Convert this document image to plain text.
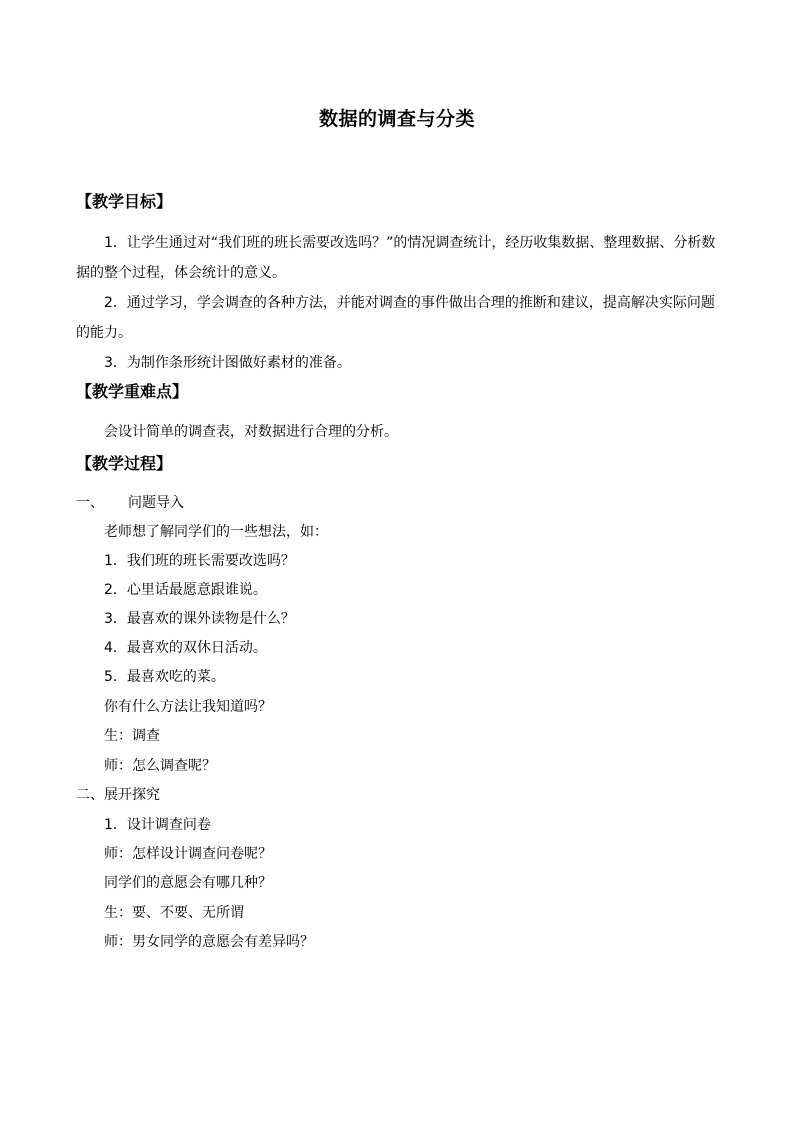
数据的调查与分类
【教学目标】
1．让学生通过对“我们班的班长需要改选吗？”的情况调查统计，经历收集数据、整理数据、分析数据的整个过程，体会统计的意义。
2．通过学习，学会调查的各种方法，并能对调查的事件做出合理的推断和建议，提高解决实际问题的能力。
3．为制作条形统计图做好素材的准备。
【教学重难点】
会设计简单的调查表，对数据进行合理的分析。
【教学过程】
一、 问题导入
老师想了解同学们的一些想法，如：
1．我们班的班长需要改选吗？
2．心里话最愿意跟谁说。
3．最喜欢的课外读物是什么？
4．最喜欢的双休日活动。
5．最喜欢吃的菜。
你有什么方法让我知道吗？
生：调查
师：怎么调查呢？
二、展开探究
1．设计调查问卷
师：怎样设计调查问卷呢？
同学们的意愿会有哪几种？
生：要、不要、无所谓
师：男女同学的意愿会有差异吗？
